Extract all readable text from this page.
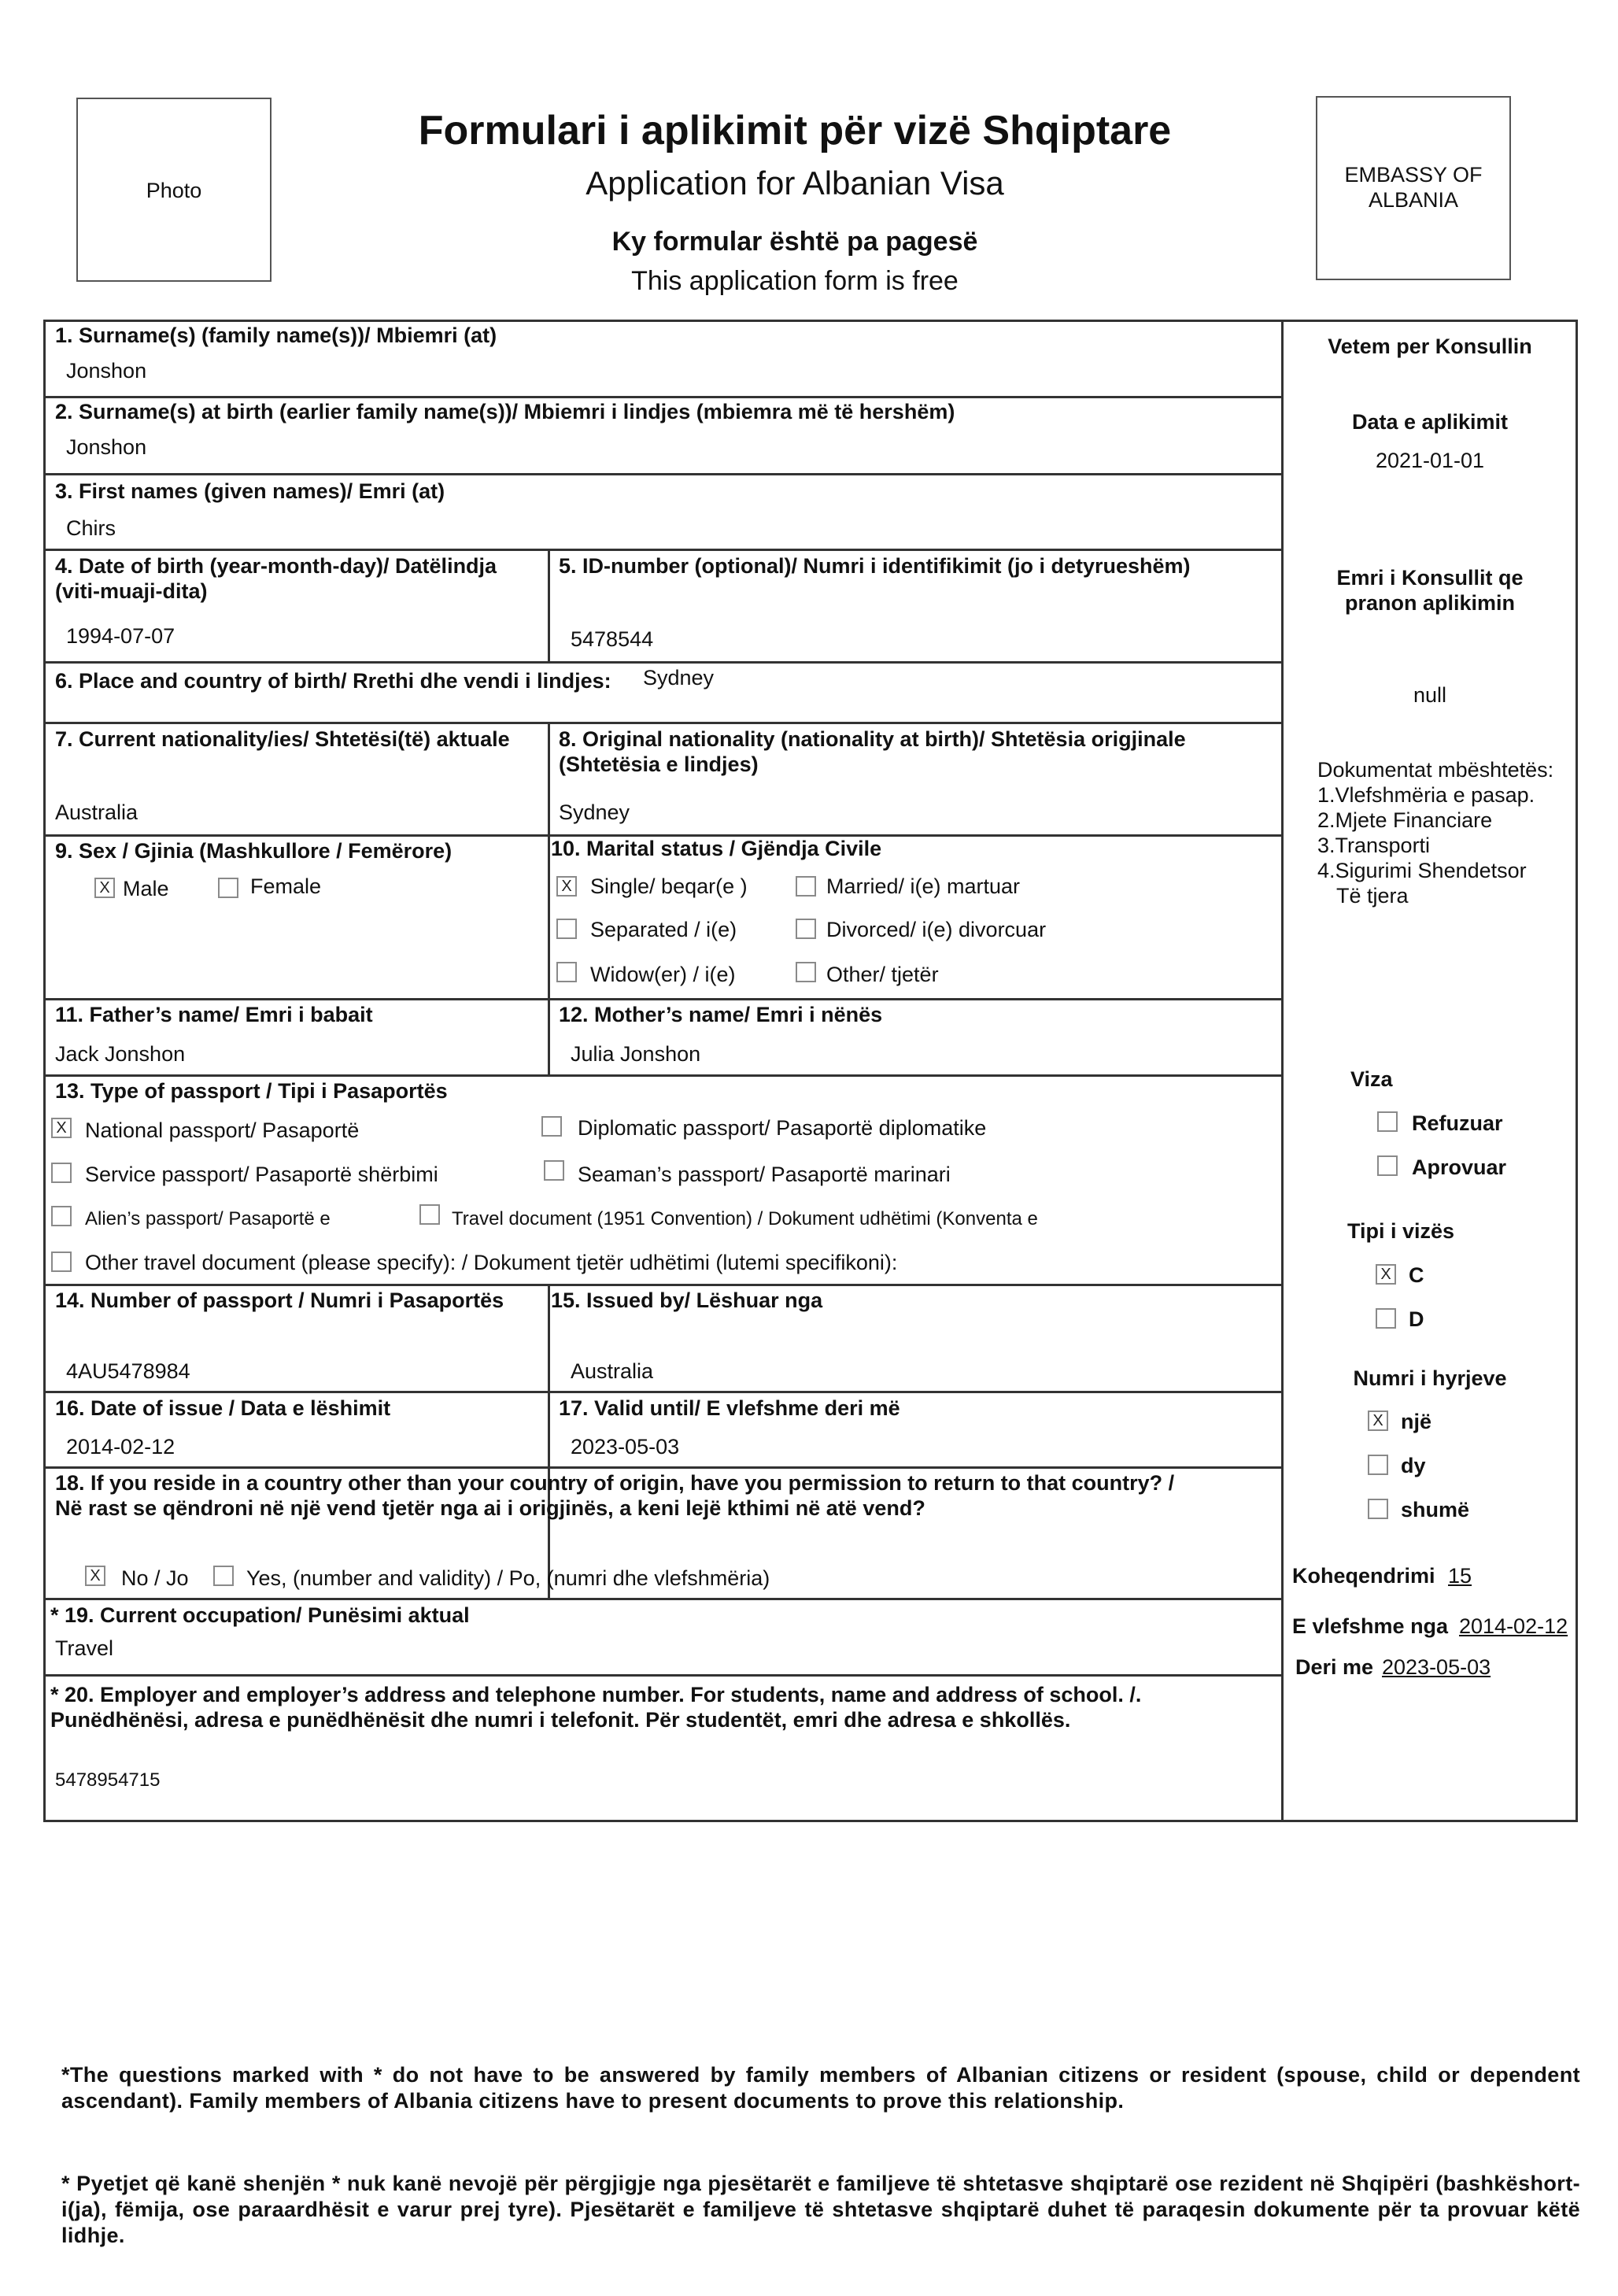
Photo
Formulari i aplikimit për vizë Shqiptare
Application for Albanian Visa
Ky formular është pa pagesë
This application form is free
EMBASSY OF ALBANIA
1. Surname(s) (family name(s))/ Mbiemri (at)
Jonshon
2. Surname(s) at birth (earlier family name(s))/ Mbiemri i lindjes (mbiemra më të hershëm)
Jonshon
3. First names (given names)/ Emri (at)
Chirs
4. Date of birth (year-month-day)/ Datëlindja
(viti-muaji-dita)
1994-07-07
5. ID-number (optional)/ Numri i identifikimit (jo i detyrueshëm)
5478544
6. Place and country of birth/ Rrethi dhe vendi i lindjes: Sydney
7. Current nationality/ies/ Shtetësi(të) aktuale
Australia
8. Original nationality (nationality at birth)/ Shtetësia origjinale
(Shtetësia e lindjes)
Sydney
9. Sex / Gjinia (Mashkullore / Femërore)
X Male	Female
10. Marital status / Gjëndja Civile
X Single/ beqar(e )	Married/ i(e) martuar
Separated / i(e)	Divorced/ i(e) divorcuar
Widow(er) / i(e)	Other/ tjetër
11. Father’s name/ Emri i babait
Jack Jonshon
12. Mother’s name/ Emri i nënës
Julia Jonshon
13. Type of passport / Tipi i Pasaportës
X National passport/ Pasaportë	Diplomatic passport/ Pasaportë diplomatike
Service passport/ Pasaportë shërbimi	Seaman’s passport/ Pasaportë marinari
Alien’s passport/ Pasaportë e	Travel document (1951 Convention) / Dokument udhëtimi (Konventa e
Other travel document (please specify): / Dokument tjetër udhëtimi (lutemi specifikoni):
14. Number of passport / Numri i Pasaportës
4AU5478984
15. Issued by/ Lëshuar nga
Australia
16. Date of issue / Data e lëshimit
2014-02-12
17. Valid until/ E vlefshme deri më
2023-05-03
18. If you reside in a country other than your country of origin, have you permission to return to that country? /
Në rast se qëndroni në një vend tjetër nga ai i origjinës, a keni lejë kthimi në atë vend?
X No / Jo	Yes, (number and validity) / Po, (numri dhe vlefshmëria)
* 19. Current occupation/ Punësimi aktual
Travel
* 20. Employer and employer’s address and telephone number. For students, name and address of school. /.
Punëdhënësi, adresa e punëdhënësit dhe numri i telefonit. Për studentët, emri dhe adresa e shkollës.
5478954715
Vetem per Konsullin
Data e aplikimit
2021-01-01
Emri i Konsullit qe
pranon aplikimin
null
Dokumentat mbështetës:
1.Vlefshmëria e pasap.
2.Mjete Financiare
3.Transporti
4.Sigurimi Shendetsor
Të tjera
Viza
Refuzuar
Aprovuar
Tipi i vizës
X C
D
Numri i hyrjeve
X një
dy
shumë
Koheqendrimi 15
E vlefshme nga 2014-02-12
Deri me 2023-05-03
*The questions marked with * do not have to be answered by family members of Albanian citizens or resident (spouse, child or dependent ascendant). Family members of Albania citizens have to present documents to prove this relationship.
* Pyetjet që kanë shenjën * nuk kanë nevojë për përgjigje nga pjesëtarët e familjeve të shtetasve shqiptarë ose rezident në Shqipëri (bashkëshort-i(ja), fëmija, ose paraardhësit e varur prej tyre). Pjesëtarët e familjeve të shtetasve shqiptarë duhet të paraqesin dokumente për ta provuar këtë lidhje.
